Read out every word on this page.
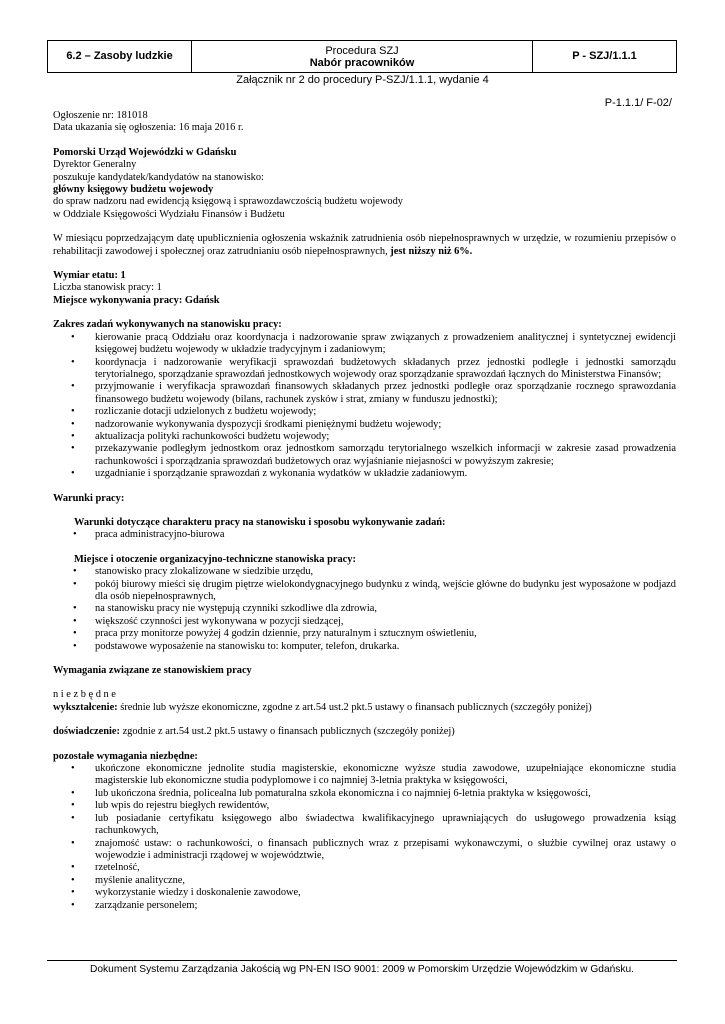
6.2 – Zasoby ludzkie	Procedura SZJ
Nabór pracowników
P - SZJ/1.1.1
Załącznik nr 2 do procedury P-SZJ/1.1.1, wydanie 4
P-1.1.1/ F-02/

Ogłoszenie nr: 181018

Data ukazania się ogłoszenia: 16 maja 2016 r.

Pomorski Urząd Wojewódzki w Gdańsku

Dyrektor Generalny

poszukuje kandydatek/kandydatów na stanowisko:

główny księgowy budżetu wojewody

do spraw nadzoru nad ewidencją księgową i sprawozdawczością budżetu wojewody

w Oddziale Księgowości Wydziału Finansów i Budżetu

W miesiącu poprzedzającym datę upublicznienia ogłoszenia wskaźnik zatrudnienia osób niepełnosprawnych w urzędzie, w rozumieniu przepisów o rehabilitacji zawodowej i społecznej oraz zatrudnianiu osób niepełnosprawnych, jest niższy niż 6%.

Wymiar etatu: 1

Liczba stanowisk pracy: 1

Miejsce wykonywania pracy: Gdańsk

Zakres zadań wykonywanych na stanowisku pracy:

• kierowanie pracą Oddziału oraz koordynacja i nadzorowanie spraw związanych z prowadzeniem analitycznej i syntetycznej ewidencji księgowej budżetu wojewody w układzie tradycyjnym i zadaniowym;
• koordynacja i nadzorowanie weryfikacji sprawozdań budżetowych składanych przez jednostki podległe i jednostki samorządu terytorialnego, sporządzanie sprawozdań jednostkowych wojewody oraz sporządzanie sprawozdań łącznych do Ministerstwa Finansów;
• przyjmowanie i weryfikacja sprawozdań finansowych składanych przez jednostki podległe oraz sporządzanie rocznego sprawozdania finansowego budżetu wojewody (bilans, rachunek zysków i strat, zmiany w funduszu jednostki);
• rozliczanie dotacji udzielonych z budżetu wojewody;
• nadzorowanie wykonywania dyspozycji środkami pieniężnymi budżetu wojewody;
• aktualizacja polityki rachunkowości budżetu wojewody;
• przekazywanie podległym jednostkom oraz jednostkom samorządu terytorialnego wszelkich informacji w zakresie zasad prowadzenia rachunkowości i sporządzania sprawozdań budżetowych oraz wyjaśnianie niejasności w powyższym zakresie;
• uzgadnianie i sporządzanie sprawozdań z wykonania wydatków w układzie zadaniowym.

Warunki pracy:

Warunki dotyczące charakteru pracy na stanowisku i sposobu wykonywanie zadań:

• praca administracyjno-biurowa

Miejsce i otoczenie organizacyjno-techniczne stanowiska pracy:

• stanowisko pracy zlokalizowane w siedzibie urzędu,
• pokój biurowy mieści się drugim piętrze wielokondygnacyjnego budynku z windą, wejście główne do budynku jest wyposażone w podjazd dla osób niepełnosprawnych,
• na stanowisku pracy nie występują czynniki szkodliwe dla zdrowia,
• większość czynności jest wykonywana w pozycji siedzącej,
• praca przy monitorze powyżej 4 godzin dziennie, przy naturalnym i sztucznym oświetleniu,
• podstawowe wyposażenie na stanowisku to: komputer, telefon, drukarka.

Wymagania związane ze stanowiskiem pracy

n i e z b ę d n e

wykształcenie: średnie lub wyższe ekonomiczne, zgodne z art.54 ust.2 pkt.5 ustawy o finansach publicznych (szczegóły poniżej)

doświadczenie: zgodnie z art.54 ust.2 pkt.5 ustawy o finansach publicznych (szczegóły poniżej)

pozostałe wymagania niezbędne:

• ukończone ekonomiczne jednolite studia magisterskie, ekonomiczne wyższe studia zawodowe, uzupełniające ekonomiczne studia magisterskie lub ekonomiczne studia podyplomowe i co najmniej 3-letnia praktyka w księgowości,
• lub ukończona średnia, policealna lub pomaturalna szkoła ekonomiczna i co najmniej 6-letnia praktyka w księgowości,
• lub wpis do rejestru biegłych rewidentów,
• lub posiadanie certyfikatu księgowego albo świadectwa kwalifikacyjnego uprawniających do usługowego prowadzenia ksiąg rachunkowych,
• znajomość ustaw: o rachunkowości, o finansach publicznych wraz z przepisami wykonawczymi, o służbie cywilnej oraz ustawy o wojewodzie i administracji rządowej w województwie,
• rzetelność,
• myślenie analityczne,
• wykorzystanie wiedzy i doskonalenie zawodowe,
• zarządzanie personelem;
Dokument Systemu Zarządzania Jakością wg PN-EN ISO 9001: 2009 w Pomorskim Urzędzie Wojewódzkim w Gdańsku.
